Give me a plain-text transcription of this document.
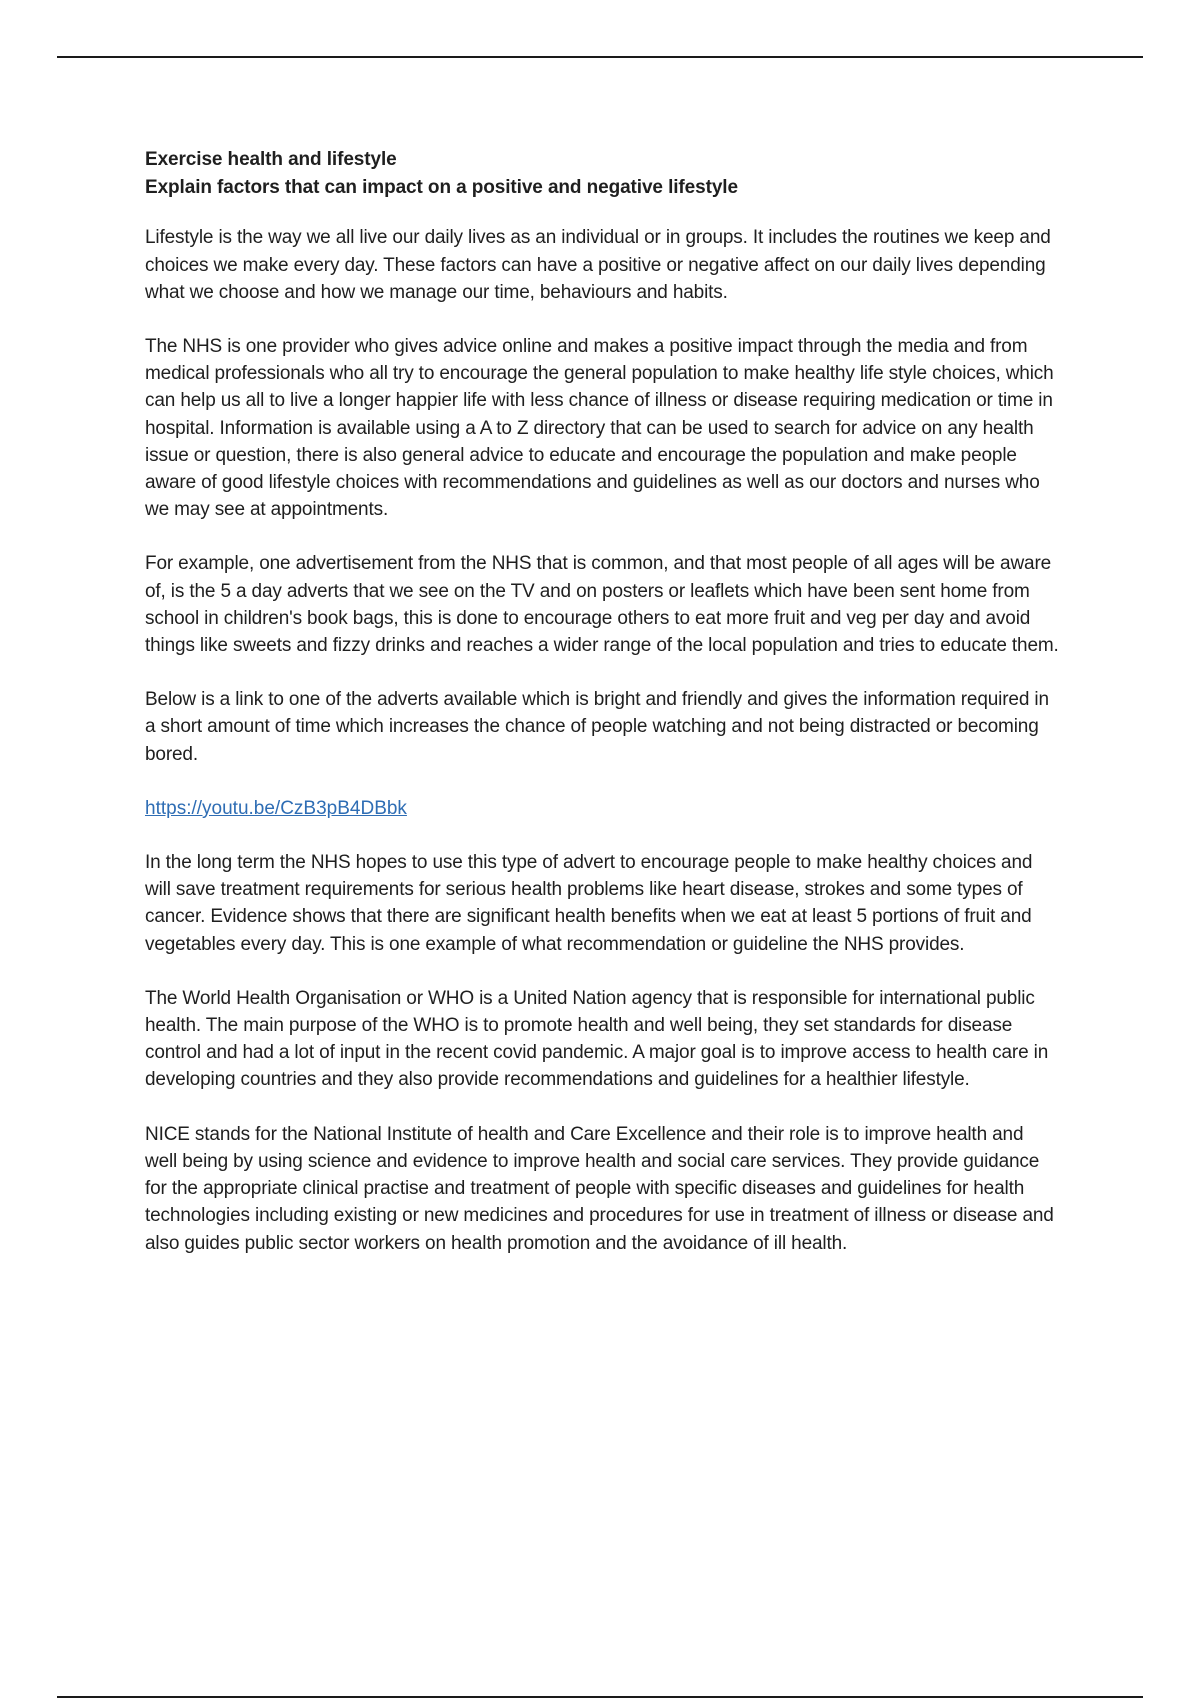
Exercise health and lifestyle

Explain factors that can impact on a positive and negative lifestyle

Lifestyle is the way we all live our daily lives as an individual or in groups. It includes the routines we keep and choices we make every day. These factors can have a positive or negative affect on our daily lives depending what we choose and how we manage our time, behaviours and habits.

The NHS is one provider who gives advice online and makes a positive impact through the media and from medical professionals who all try to encourage the general population to make healthy life style choices, which can help us all to live a longer happier life with less chance of illness or disease requiring medication or time in hospital. Information is available using a A to Z directory that can be used to search for advice on any health issue or question, there is also general advice to educate and encourage the population and make people aware of good lifestyle choices with recommendations and guidelines as well as our doctors and nurses who we may see at appointments.

For example, one advertisement from the NHS that is common, and that most people of all ages will be aware of, is the 5 a day adverts that we see on the TV and on posters or leaflets which have been sent home from school in children's book bags, this is done to encourage others to eat more fruit and veg per day and avoid things like sweets and fizzy drinks and reaches a wider range of the local population and tries to educate them.

Below is a link to one of the adverts available which is bright and friendly and gives the information required in a short amount of time which increases the chance of people watching and not being distracted or becoming bored.

https://youtu.be/CzB3pB4DBbk

In the long term the NHS hopes to use this type of advert to encourage people to make healthy choices and will save treatment requirements for serious health problems like heart disease, strokes and some types of cancer. Evidence shows that there are significant health benefits when we eat at least 5 portions of fruit and vegetables every day. This is one example of what recommendation or guideline the NHS provides.

The World Health Organisation or WHO is a United Nation agency that is responsible for international public health. The main purpose of the WHO is to promote health and well being, they set standards for disease control and had a lot of input in the recent covid pandemic. A major goal is to improve access to health care in developing countries and they also provide recommendations and guidelines for a healthier lifestyle.

NICE stands for the National Institute of health and Care Excellence and their role is to improve health and well being by using science and evidence to improve health and social care services. They provide guidance for the appropriate clinical practise and treatment of people with specific diseases and guidelines for health technologies including existing or new medicines and procedures for use in treatment of illness or disease and also guides public sector workers on health promotion and the avoidance of ill health.
